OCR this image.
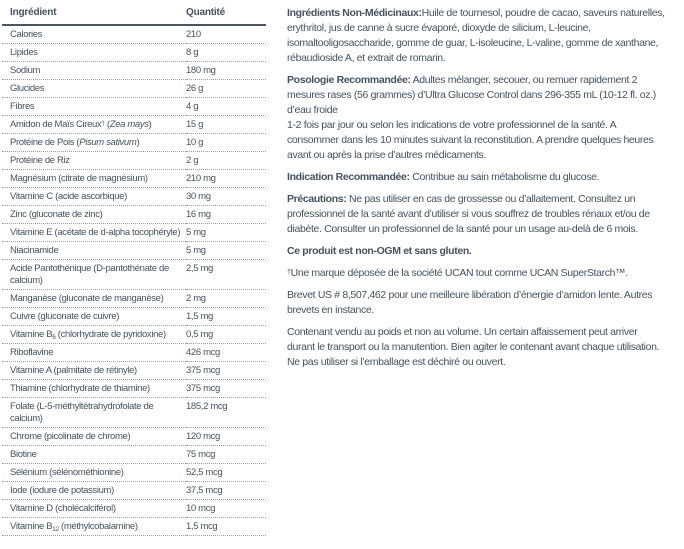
Ingrédient	Quantité
Calories	210
Lipides	8 g
Sodium	180 mg
Glucides	26 g
Fibres	4 g
Amidon de Maïs Cireux† (Zea mays)	15 g
Protéine de Pois (Pisum sativum)	10 g
Protéine de Riz	2 g
Magnésium (citrate de magnésium)	210 mg
Vitamine C (acide ascorbique)	30 mg
Zinc (gluconate de zinc)	16 mg
Vitamine E (acétate de d-alpha tocophéryle)	5 mg
Niacinamide	5 mg
Acide Pantothénique (D-pantothénate de calcium)	2,5 mg
Manganèse (gluconate de manganèse)	2 mg
Cuivre (gluconate de cuivre)	1,5 mg
Vitamine $B_6$ (chlorhydrate de pyridoxine)	0,5 mg
Riboflavine	426 mcg
Vitamine A (palmitate de rétinyle)	375 mcg
Thiamine (chlorhydrate de thiamine)	375 mcg
Folate (L-5-méthyltétrahydrofolate de calcium)	185,2 mcg
Chrome (picolinate de chrome)	120 mcg
Biotine	75 mcg
Sélénium (sélénométhionine)	52,5 mcg
Iode (iodure de potassium)	37,5 mcg
Vitamine D (cholécalciférol)	10 mcg
Vitamine $B_{12}$ (méthylcobalamine)	1,5 mcg

Ingrédients Non-Médicinaux:Huile de tournesol, poudre de cacao, saveurs naturelles,
erythritol, jus de canne à sucre évaporé, dioxyde de silicium, L-leucine,
isomaltooligosaccharide, gomme de guar, L-isoleucine, L-valine, gomme de xanthane,
rébaudioside A, et extrait de romarin.

Posologie Recommandée: Adultes mélanger, secouer, ou remuer rapidement 2
mesures rases (56 grammes) d’Ultra Glucose Control dans 296-355 mL (10-12 fl. oz.)
d’eau froide
1-2 fois par jour ou selon les indications de votre professionnel de la santé. A
consommer dans les 10 minutes suivant la reconstitution. A prendre quelques heures
avant ou après la prise d’autres médicaments.

Indication Recommandée: Contribue au sain métabolisme du glucose.

Précautions: Ne pas utiliser en cas de grossesse ou d’allaitement. Consultez un
professionnel de la santé avant d’utiliser si vous souffrez de troubles rénaux et/ou de
diabète. Consulter un professionnel de la santé pour un usage au-delà de 6 mois.

Ce produit est non-OGM et sans gluten.

†Une marque déposée de la société UCAN tout comme UCAN SuperStarch™.

Brevet US # 8,507,462 pour une meilleure libération d’énergie d’amidon lente. Autres
brevets en instance.

Contenant vendu au poids et non au volume. Un certain affaissement peut arriver
durant le transport ou la manutention. Bien agiter le contenant avant chaque utilisation.
Ne pas utiliser si l’emballage est déchiré ou ouvert.
